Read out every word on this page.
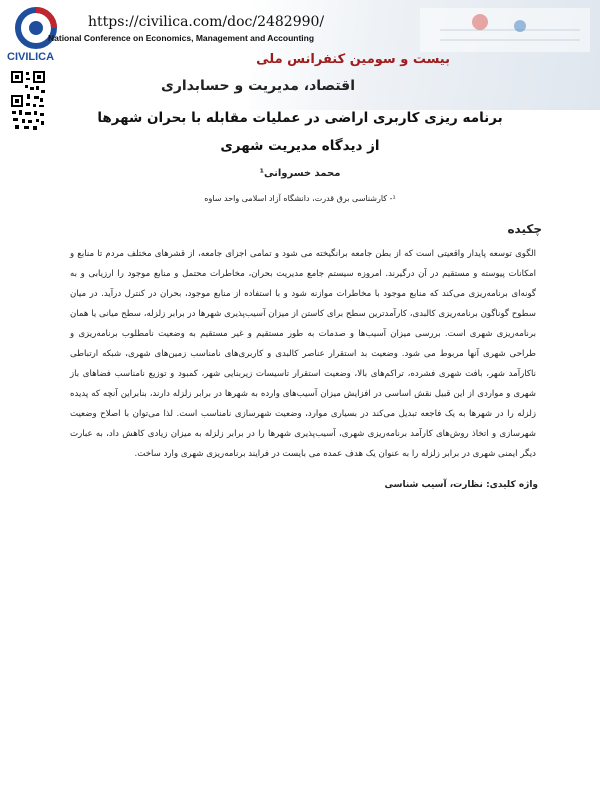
CIVILICA
https://civilica.com/doc/2482990/
National Conference on Economics, Management and Accounting
بیست و سومین کنفرانس ملی
اقتصاد، مدیریت و حسابداری
برنامه ریزی کاربری اراضی در عملیات مقابله با بحران شهرها
از دیدگاه مدیریت شهری
محمد خسروانی¹
¹- کارشناسی برق قدرت، دانشگاه آزاد اسلامی واحد ساوه
چکیده
الگوی توسعه پایدار واقعیتی است که از بطن جامعه برانگیخته می شود و تمامی اجزای جامعه، از قشرهای مختلف مردم تا منابع و امکانات پیوسته و مستقیم در آن درگیرند. امروزه سیستم جامع مدیریت بحران، مخاطرات محتمل و منابع موجود را ارزیابی و به گونه‌ای برنامه‌ریزی می‌کند که منابع موجود با مخاطرات موازنه شود و با استفاده از منابع موجود، بحران در کنترل درآید. در میان سطوح گوناگون برنامه‌ریزی کالبدی، کارآمدترین سطح برای کاستن از میزان آسیب‌پذیری شهرها در برابر زلزله، سطح میانی یا همان برنامه‌ریزی شهری است. بررسی میزان آسیب‌ها و صدمات به طور مستقیم و غیر مستقیم به وضعیت نامطلوب برنامه‌ریزی و طراحی شهری آنها مربوط می شود. وضعیت بد استقرار عناصر کالبدی و کاربری‌های نامناسب زمین‌های شهری، شبکه ارتباطی ناکارآمد شهر، بافت شهری فشرده، تراکم‌های بالا، وضعیت استقرار تاسیسات زیربنایی شهر، کمبود و توزیع نامناسب فضاهای باز شهری و مواردی از این قبیل نقش اساسی در افزایش میزان آسیب‌های وارده به شهرها در برابر زلزله دارند، بنابراین آنچه که پدیده زلزله را در شهرها به یک فاجعه تبدیل می‌کند در بسیاری موارد، وضعیت شهرسازی نامناسب است. لذا می‌توان با اصلاح وضعیت شهرسازی و اتخاذ روش‌های کارآمد برنامه‌ریزی شهری، آسیب‌پذیری شهرها را در برابر زلزله به میزان زیادی کاهش داد، به عبارت دیگر ایمنی شهری در برابر زلزله را به عنوان یک هدف عمده می بایست در فرایند برنامه‌ریزی شهری وارد ساخت.
واژه کلیدی: نظارت، آسیب شناسی
